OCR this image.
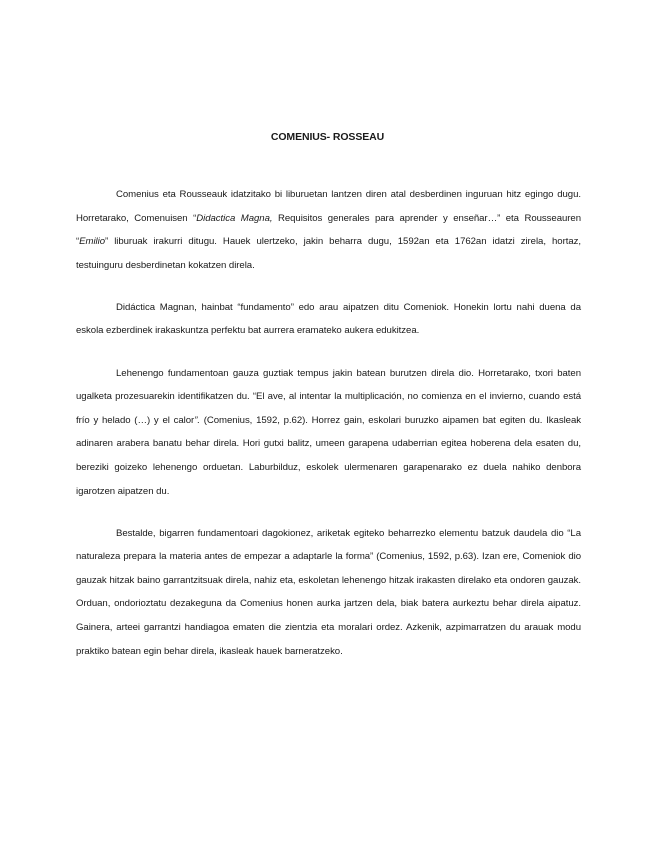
COMENIUS- ROSSEAU

Comenius eta Rousseauk idatzitako bi liburuetan lantzen diren atal desberdinen inguruan hitz egingo dugu. Horretarako, Comenuisen “Didactica Magna, Requisitos generales para aprender y enseñar…” eta Rousseauren “Emilio” liburuak irakurri ditugu. Hauek ulertzeko, jakin beharra dugu, 1592an eta 1762an idatzi zirela, hortaz, testuinguru desberdinetan kokatzen direla.

Didáctica Magnan, hainbat “fundamento” edo arau aipatzen ditu Comeniok. Honekin lortu nahi duena da eskola ezberdinek irakaskuntza perfektu bat aurrera eramateko aukera edukitzea.

Lehenengo fundamentoan gauza guztiak tempus jakin batean burutzen direla dio. Horretarako, txori baten ugalketa prozesuarekin identifikatzen du. “El ave, al intentar la multiplicación, no comienza en el invierno, cuando está frío y helado (…) y el calor”. (Comenius, 1592, p.62). Horrez gain, eskolari buruzko aipamen bat egiten du. Ikasleak adinaren arabera banatu behar direla. Hori gutxi balitz, umeen garapena udaberrian egitea hoberena dela esaten du, bereziki goizeko lehenengo orduetan. Laburbilduz, eskolek ulermenaren garapenarako ez duela nahiko denbora igarotzen aipatzen du.

Bestalde, bigarren fundamentoari dagokionez, ariketak egiteko beharrezko elementu batzuk daudela dio “La naturaleza prepara la materia antes de empezar a adaptarle la forma” (Comenius, 1592, p.63). Izan ere, Comeniok dio gauzak hitzak baino garrantzitsuak direla, nahiz eta, eskoletan lehenengo hitzak irakasten direlako eta ondoren gauzak. Orduan, ondorioztatu dezakeguna da Comenius honen aurka jartzen dela, biak batera aurkeztu behar direla aipatuz. Gainera, arteei garrantzi handiagoa ematen die zientzia eta moralari ordez. Azkenik, azpimarratzen du arauak modu praktiko batean egin behar direla, ikasleak hauek barneratzeko.
